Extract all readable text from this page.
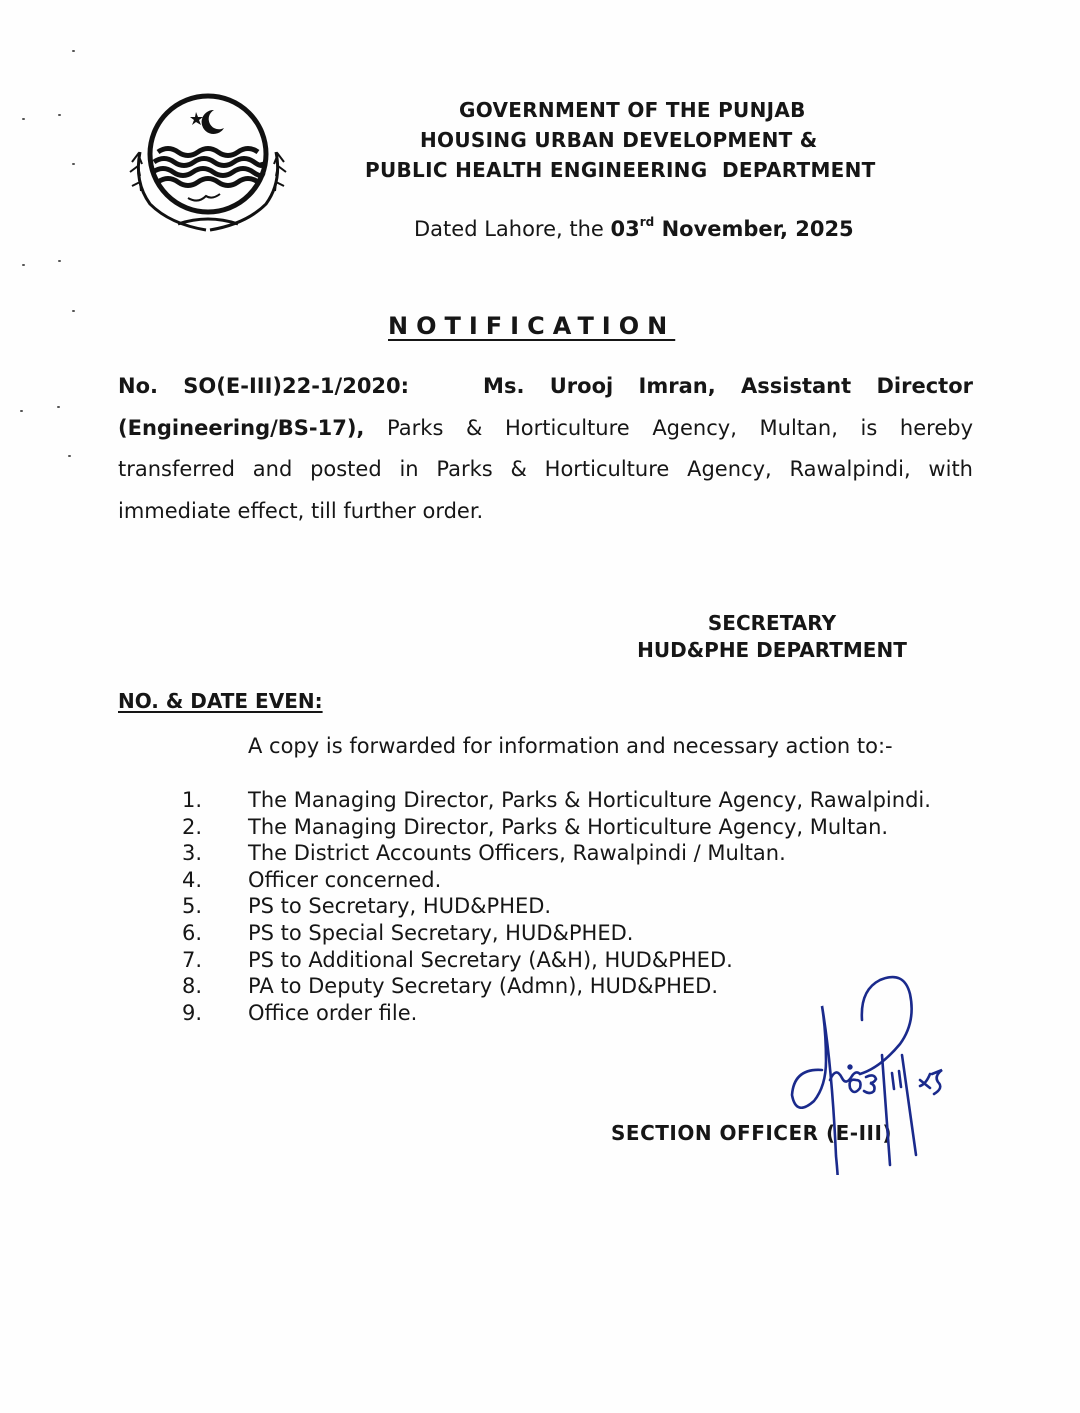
GOVERNMENT OF THE PUNJAB
HOUSING URBAN DEVELOPMENT &
PUBLIC HEALTH ENGINEERING  DEPARTMENT
Dated Lahore, the 03rd November, 2025
NOTIFICATION
No. SO(E-III)22-1/2020:	Ms. Urooj Imran, Assistant Director (Engineering/BS-17), Parks & Horticulture Agency, Multan, is hereby transferred and posted in Parks & Horticulture Agency, Rawalpindi, with immediate effect, till further order.
SECRETARY
HUD&PHE DEPARTMENT
NO. & DATE EVEN:
A copy is forwarded for information and necessary action to:-
1.	The Managing Director, Parks & Horticulture Agency, Rawalpindi.
2.	The Managing Director, Parks & Horticulture Agency, Multan.
3.	The District Accounts Officers, Rawalpindi / Multan.
4.	Officer concerned.
5.	PS to Secretary, HUD&PHED.
6.	PS to Special Secretary, HUD&PHED.
7.	PS to Additional Secretary (A&H), HUD&PHED.
8.	PA to Deputy Secretary (Admn), HUD&PHED.
9.	Office order file.
SECTION OFFICER (E-III)
